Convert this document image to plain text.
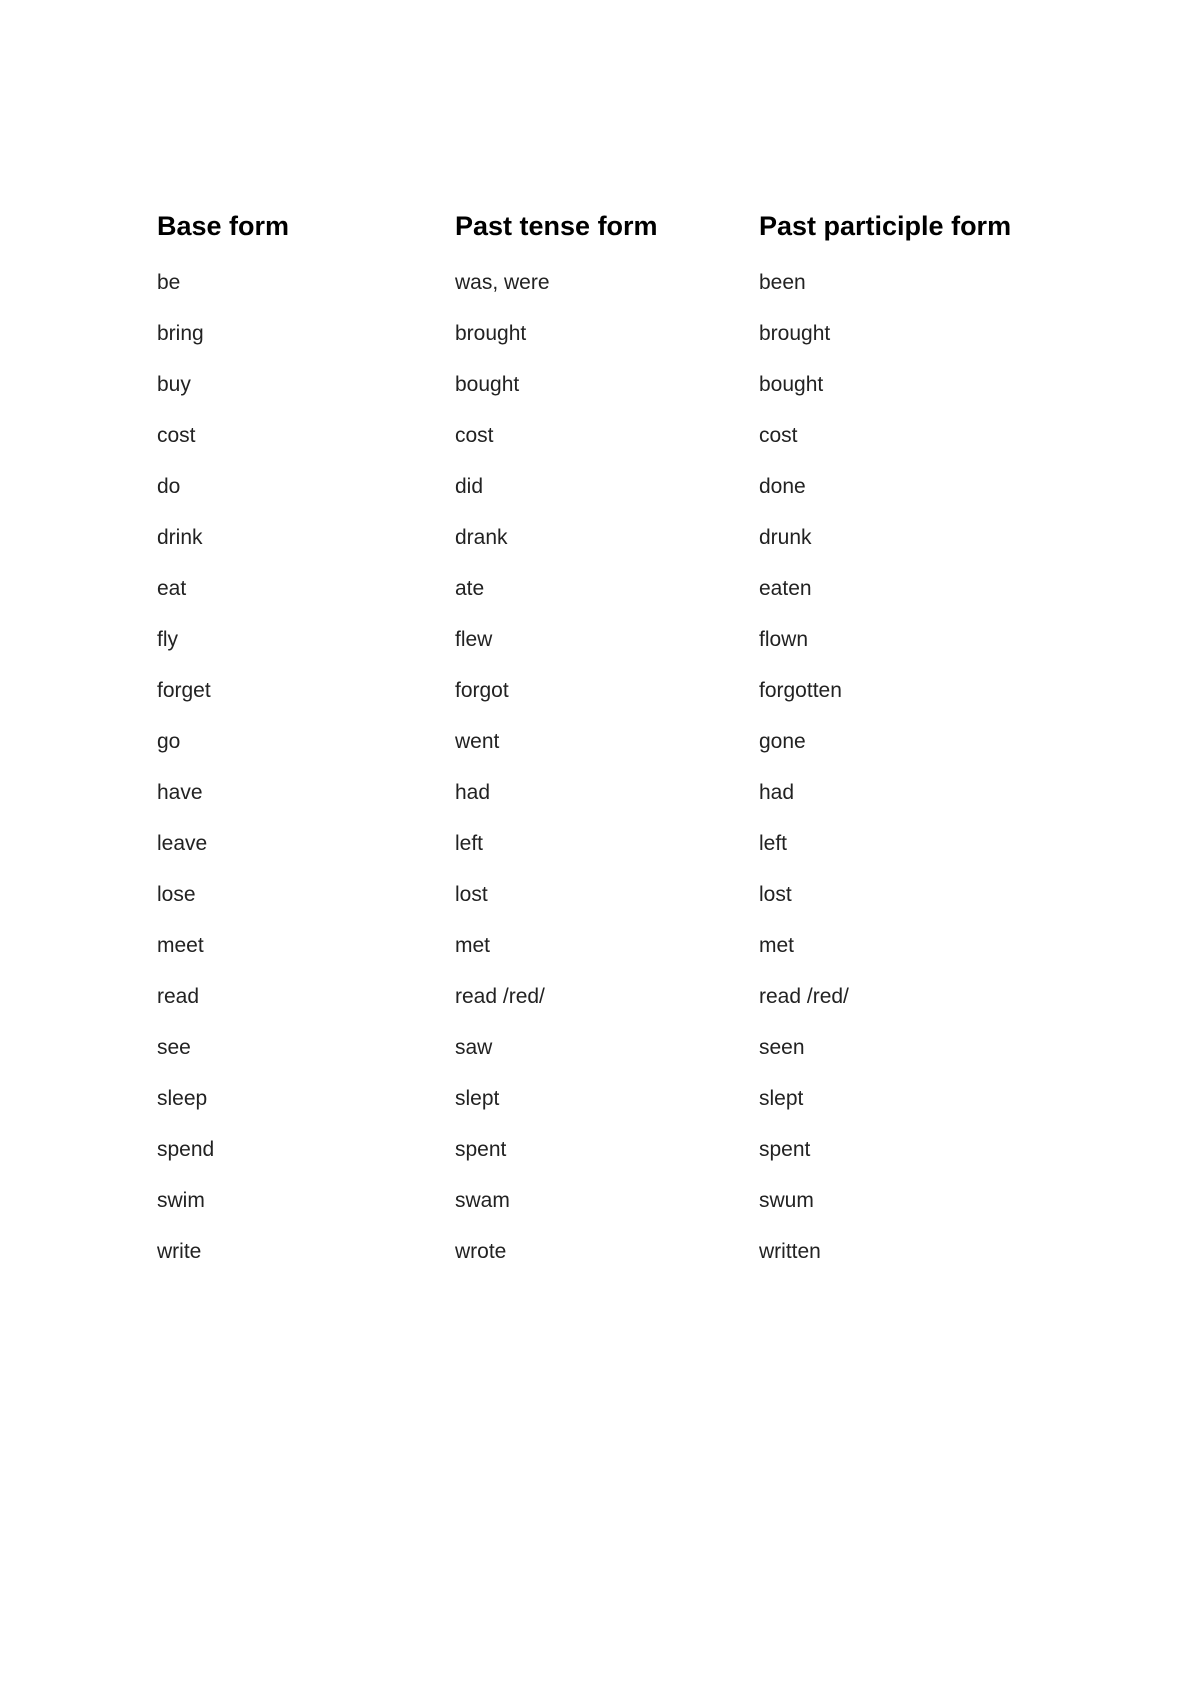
Base form	Past tense form	Past participle form
be	was, were	been
bring	brought	brought
buy	bought	bought
cost	cost	cost
do	did	done
drink	drank	drunk
eat	ate	eaten
fly	flew	flown
forget	forgot	forgotten
go	went	gone
have	had	had
leave	left	left
lose	lost	lost
meet	met	met
read	read /red/	read /red/
see	saw	seen
sleep	slept	slept
spend	spent	spent
swim	swam	swum
write	wrote	written
